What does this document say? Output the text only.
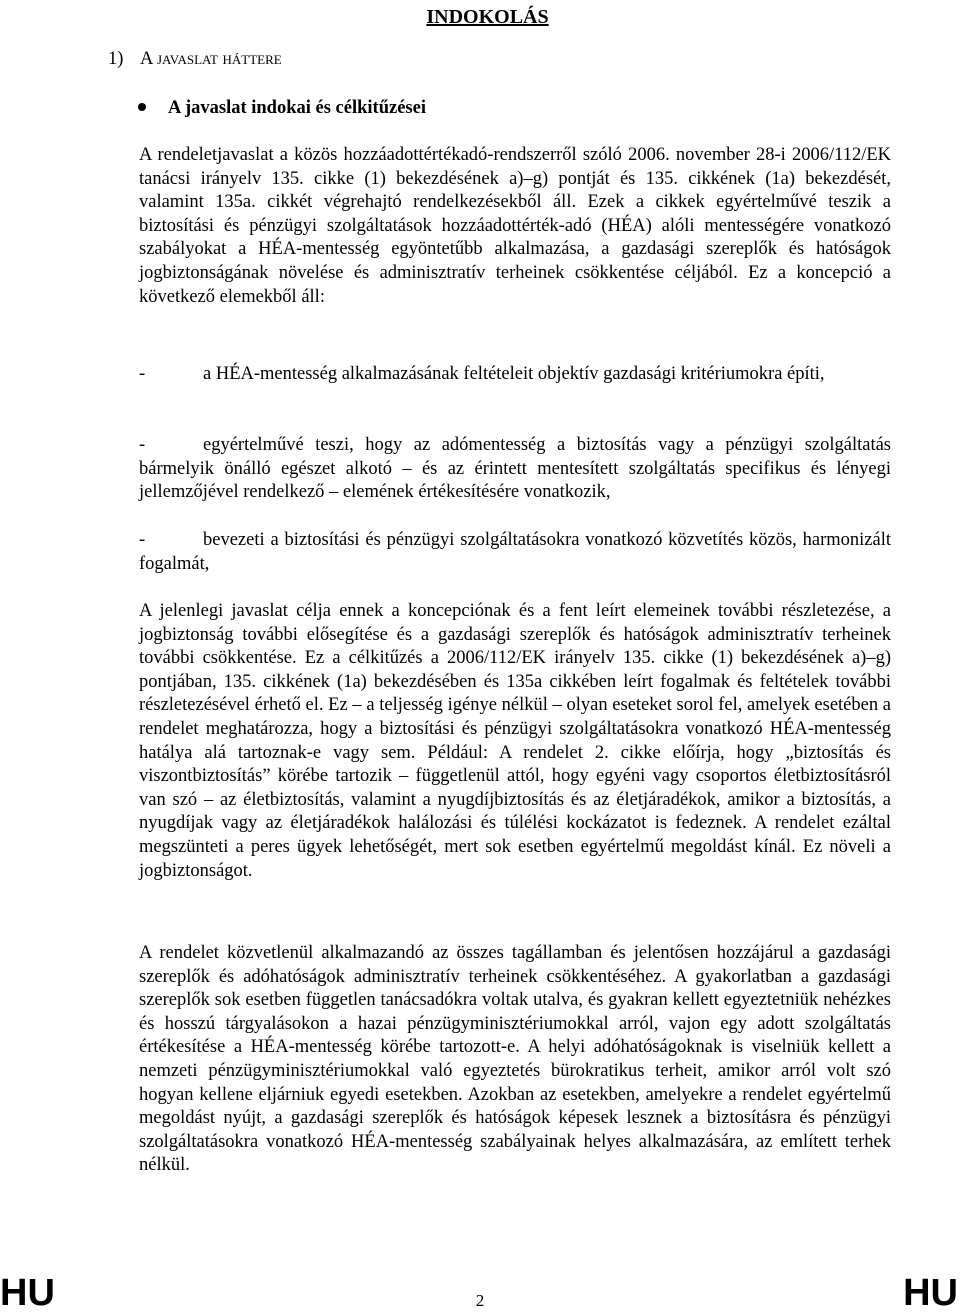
INDOKOLÁS
1) A javaslat háttere
A javaslat indokai és célkitűzései

A rendeletjavaslat a közös hozzáadottértékadó-rendszerről szóló 2006. november 28-i 2006/112/EK tanácsi irányelv 135. cikke (1) bekezdésének a)–g) pontját és 135. cikkének (1a) bekezdését, valamint 135a. cikkét végrehajtó rendelkezésekből áll. Ezek a cikkek egyértelművé teszik a biztosítási és pénzügyi szolgáltatások hozzáadottérték-adó (HÉA) alóli mentességére vonatkozó szabályokat a HÉA-mentesség egyöntetűbb alkalmazása, a gazdasági szereplők és hatóságok jogbiztonságának növelése és adminisztratív terheinek csökkentése céljából. Ez a koncepció a következő elemekből áll:

-	a HÉA-mentesség alkalmazásának feltételeit objektív gazdasági kritériumokra építi,

-	egyértelművé teszi, hogy az adómentesség a biztosítás vagy a pénzügyi szolgáltatás bármelyik önálló egészet alkotó – és az érintett mentesített szolgáltatás specifikus és lényegi jellemzőjével rendelkező – elemének értékesítésére vonatkozik,

-	bevezeti a biztosítási és pénzügyi szolgáltatásokra vonatkozó közvetítés közös, harmonizált fogalmát,

A jelenlegi javaslat célja ennek a koncepciónak és a fent leírt elemeinek további részletezése, a jogbiztonság további elősegítése és a gazdasági szereplők és hatóságok adminisztratív terheinek további csökkentése. Ez a célkitűzés a 2006/112/EK irányelv 135. cikke (1) bekezdésének a)–g) pontjában, 135. cikkének (1a) bekezdésében és 135a cikkében leírt fogalmak és feltételek további részletezésével érhető el. Ez – a teljesség igénye nélkül – olyan eseteket sorol fel, amelyek esetében a rendelet meghatározza, hogy a biztosítási és pénzügyi szolgáltatásokra vonatkozó HÉA-mentesség hatálya alá tartoznak-e vagy sem. Például: A rendelet 2. cikke előírja, hogy „biztosítás és viszontbiztosítás” körébe tartozik – függetlenül attól, hogy egyéni vagy csoportos életbiztosításról van szó – az életbiztosítás, valamint a nyugdíjbiztosítás és az életjáradékok, amikor a biztosítás, a nyugdíjak vagy az életjáradékok halálozási és túlélési kockázatot is fedeznek. A rendelet ezáltal megszünteti a peres ügyek lehetőségét, mert sok esetben egyértelmű megoldást kínál. Ez növeli a jogbiztonságot.

A rendelet közvetlenül alkalmazandó az összes tagállamban és jelentősen hozzájárul a gazdasági szereplők és adóhatóságok adminisztratív terheinek csökkentéséhez. A gyakorlatban a gazdasági szereplők sok esetben független tanácsadókra voltak utalva, és gyakran kellett egyeztetniük nehézkes és hosszú tárgyalásokon a hazai pénzügyminisztériumokkal arról, vajon egy adott szolgáltatás értékesítése a HÉA-mentesség körébe tartozott-e. A helyi adóhatóságoknak is viselniük kellett a nemzeti pénzügyminisztériumokkal való egyeztetés bürokratikus terheit, amikor arról volt szó hogyan kellene eljárniuk egyedi esetekben. Azokban az esetekben, amelyekre a rendelet egyértelmű megoldást nyújt, a gazdasági szereplők és hatóságok képesek lesznek a biztosításra és pénzügyi szolgáltatásokra vonatkozó HÉA-mentesség szabályainak helyes alkalmazására, az említett terhek nélkül.

HU	2	HU
